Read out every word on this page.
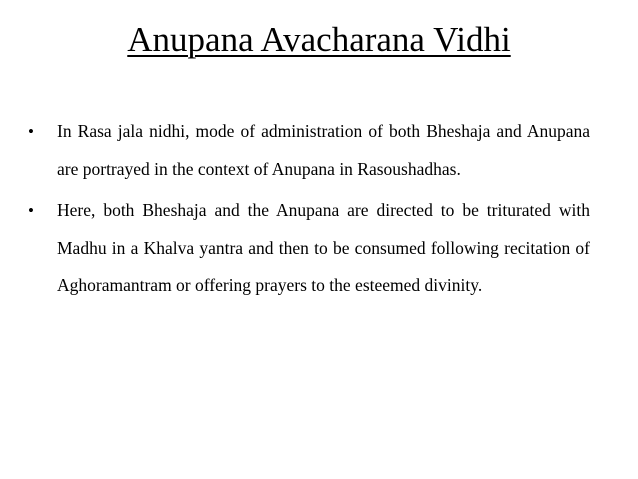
Anupana Avacharana Vidhi
• In Rasa jala nidhi, mode of administration of both Bheshaja and Anupana are portrayed in the context of Anupana in Rasoushadhas.
• Here, both Bheshaja and the Anupana are directed to be triturated with Madhu in a Khalva yantra and then to be consumed following recitation of Aghoramantram or offering prayers to the esteemed divinity.
